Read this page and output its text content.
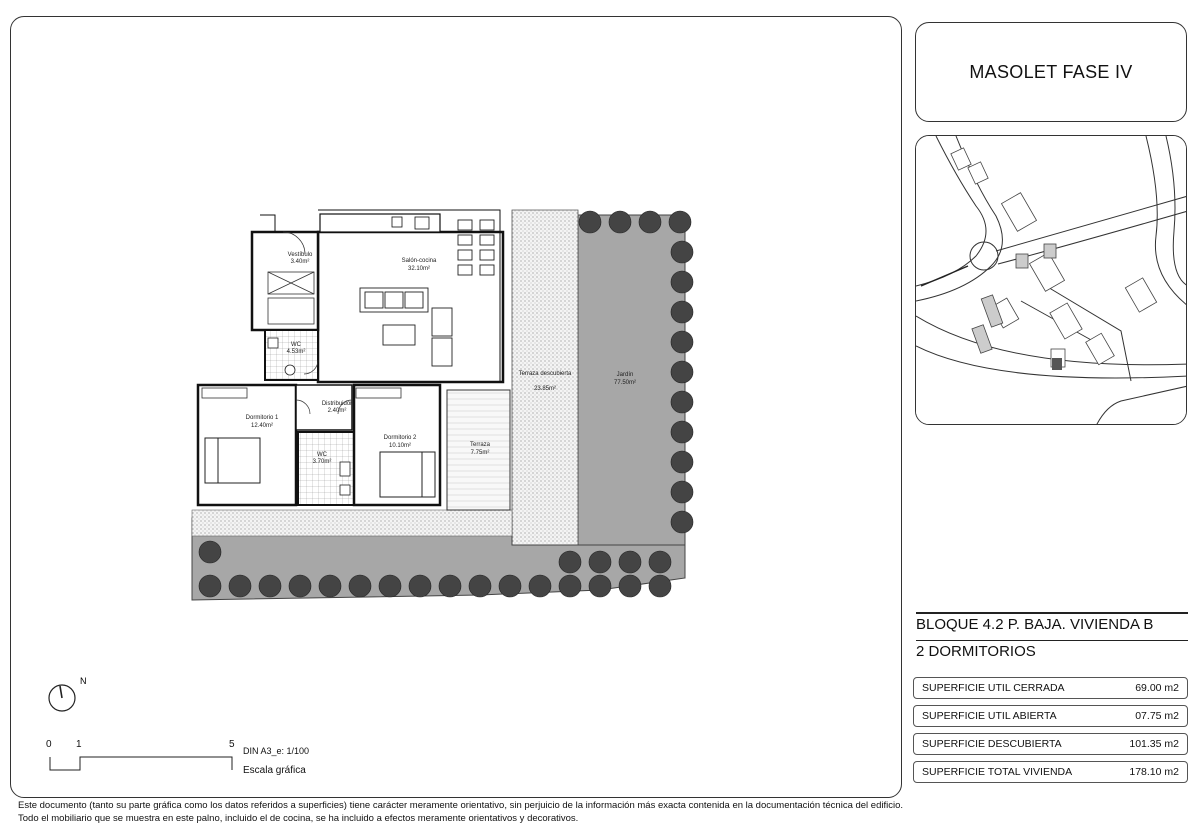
Vestíbulo
3.40m²	Salón-cocina
32.10m²
WC
4.53m²
Distribuidor
2.40m²
Dormitorio 1
12.40m²
Dormitorio 2
10.10m²
WC
3.70m²
Terraza
7.75m²
Terraza descubierta
23.85m²
Jardín
77.50m²
N
0 1	5
DIN A3_e: 1/100
Escala gráfica
MASOLET FASE IV
BLOQUE 4.2 P. BAJA. VIVIENDA B
2 DORMITORIOS
SUPERFICIE UTIL CERRADA	69.00 m2
SUPERFICIE UTIL ABIERTA	07.75 m2
SUPERFICIE DESCUBIERTA	101.35 m2
SUPERFICIE TOTAL VIVIENDA	178.10 m2
Este documento (tanto su parte gráfica como los datos referidos a superficies) tiene carácter meramente orientativo, sin perjuicio de la información más exacta contenida en la documentación técnica del edificio.
Todo el mobiliario que se muestra en este palno, incluido el de cocina, se ha incluido a efectos meramente orientativos y decorativos.
